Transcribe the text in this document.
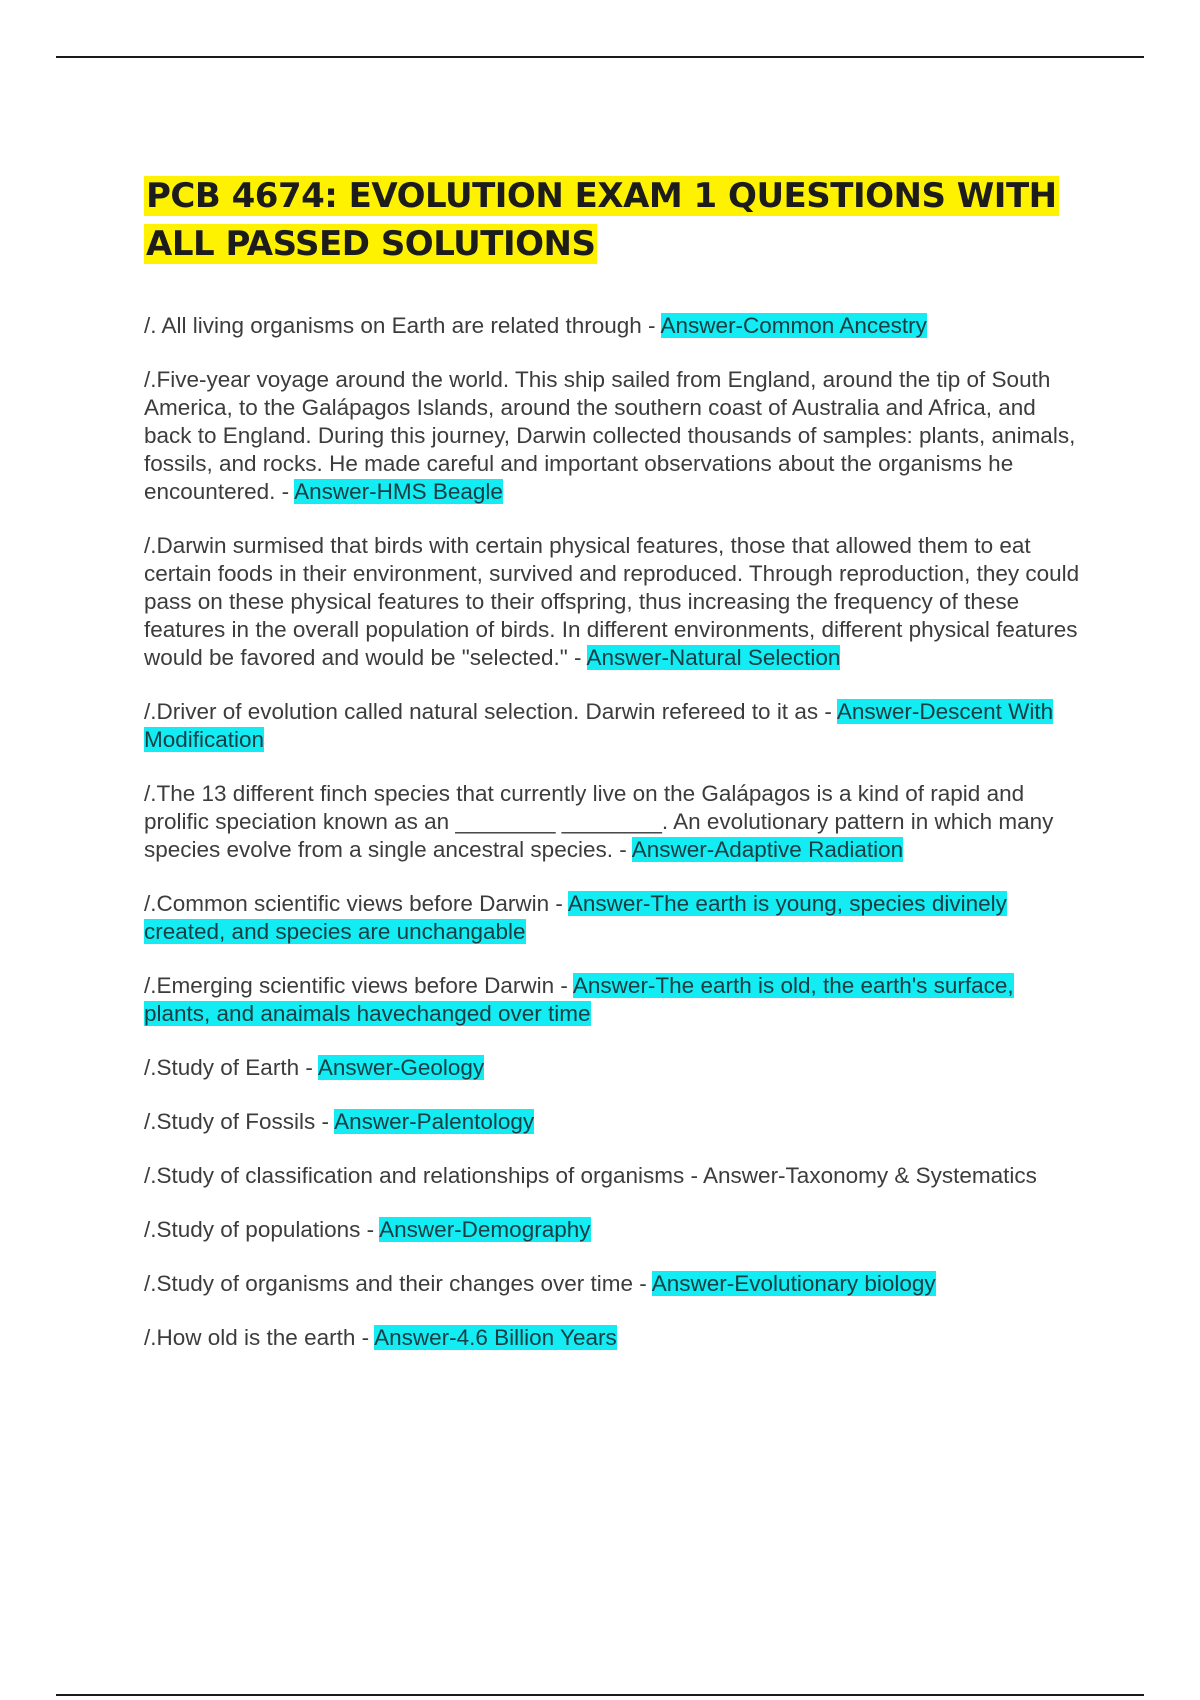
PCB 4674: EVOLUTION EXAM 1 QUESTIONS WITH ALL PASSED SOLUTIONS

/. All living organisms on Earth are related through - Answer-Common Ancestry

/.Five-year voyage around the world. This ship sailed from England, around the tip of South America, to the Galápagos Islands, around the southern coast of Australia and Africa, and back to England. During this journey, Darwin collected thousands of samples: plants, animals, fossils, and rocks. He made careful and important observations about the organisms he encountered. - Answer-HMS Beagle

/.Darwin surmised that birds with certain physical features, those that allowed them to eat certain foods in their environment, survived and reproduced. Through reproduction, they could pass on these physical features to their offspring, thus increasing the frequency of these features in the overall population of birds. In different environments, different physical features would be favored and would be "selected." - Answer-Natural Selection

/.Driver of evolution called natural selection. Darwin refereed to it as - Answer-Descent With Modification

/.The 13 different finch species that currently live on the Galápagos is a kind of rapid and prolific speciation known as an ________ ________. An evolutionary pattern in which many species evolve from a single ancestral species. - Answer-Adaptive Radiation

/.Common scientific views before Darwin - Answer-The earth is young, species divinely created, and species are unchangable

/.Emerging scientific views before Darwin - Answer-The earth is old, the earth's surface, plants, and anaimals havechanged over time

/.Study of Earth - Answer-Geology

/.Study of Fossils - Answer-Palentology

/.Study of classification and relationships of organisms - Answer-Taxonomy & Systematics

/.Study of populations - Answer-Demography

/.Study of organisms and their changes over time - Answer-Evolutionary biology

/.How old is the earth - Answer-4.6 Billion Years
